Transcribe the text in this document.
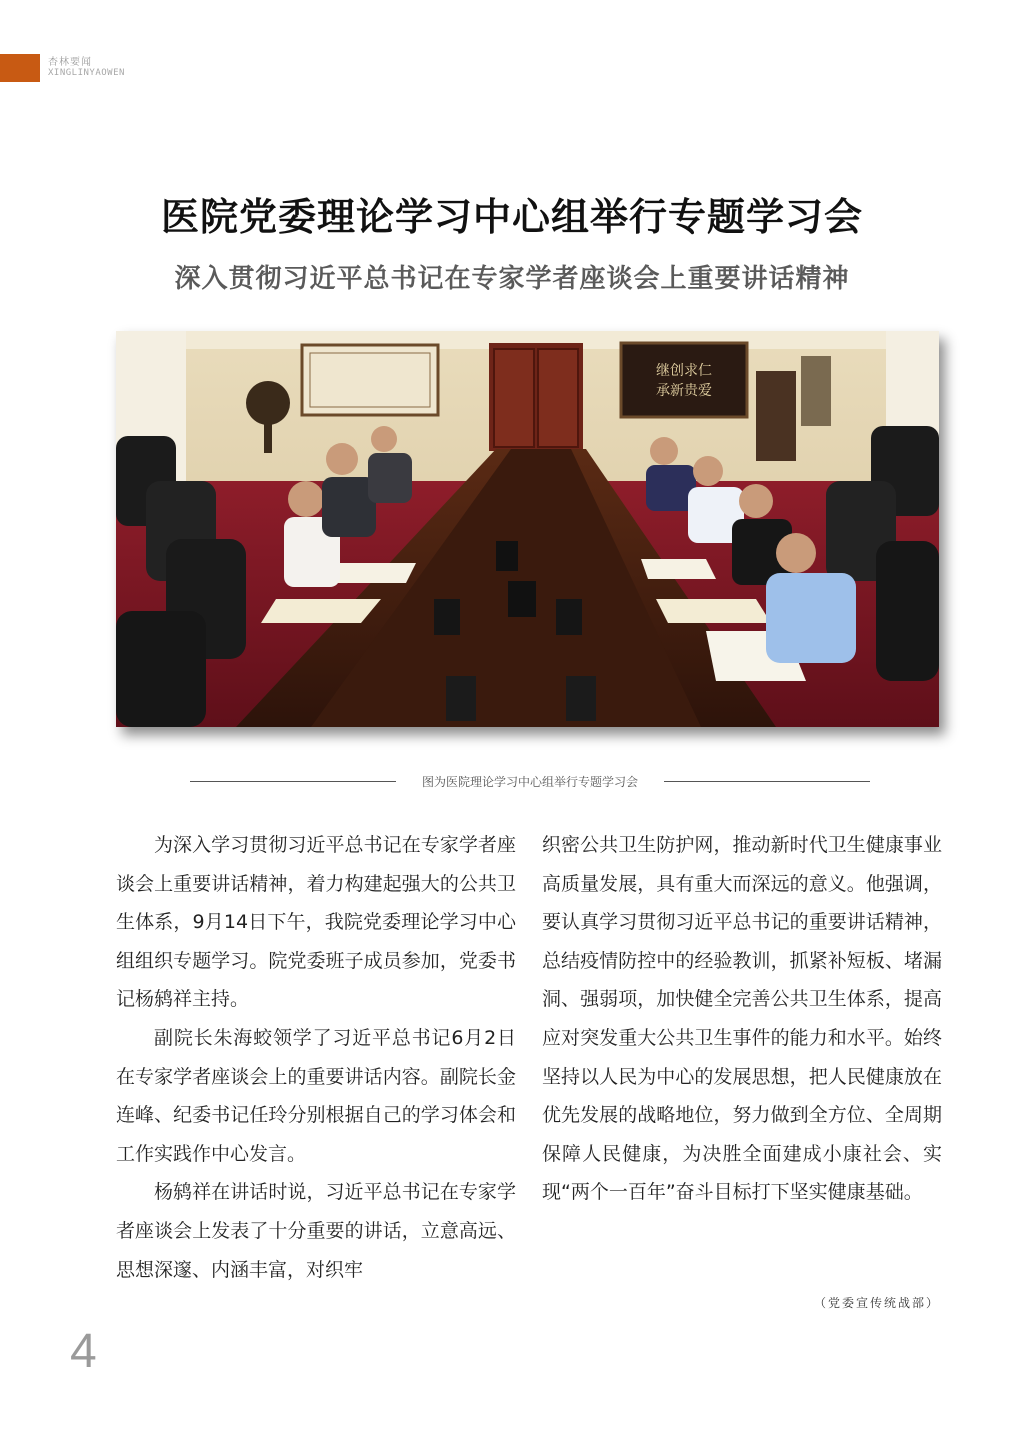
杏林要闻
XINGLINYAOWEN
医院党委理论学习中心组举行专题学习会
深入贯彻习近平总书记在专家学者座谈会上重要讲话精神
继创求仁
承新贵爱
图为医院理论学习中心组举行专题学习会

为深入学习贯彻习近平总书记在专家学者座谈会上重要讲话精神，着力构建起强大的公共卫生体系，9月14日下午，我院党委理论学习中心组组织专题学习。院党委班子成员参加，党委书记杨鸫祥主持。

副院长朱海蛟领学了习近平总书记6月2日在专家学者座谈会上的重要讲话内容。副院长金连峰、纪委书记任玲分别根据自己的学习体会和工作实践作中心发言。

杨鸫祥在讲话时说，习近平总书记在专家学者座谈会上发表了十分重要的讲话，立意高远、思想深邃、内涵丰富，对织牢

织密公共卫生防护网，推动新时代卫生健康事业高质量发展，具有重大而深远的意义。他强调，要认真学习贯彻习近平总书记的重要讲话精神，总结疫情防控中的经验教训，抓紧补短板、堵漏洞、强弱项，加快健全完善公共卫生体系，提高应对突发重大公共卫生事件的能力和水平。始终坚持以人民为中心的发展思想，把人民健康放在优先发展的战略地位，努力做到全方位、全周期保障人民健康，为决胜全面建成小康社会、实现“两个一百年”奋斗目标打下坚实健康基础。

（党委宣传统战部）
4
